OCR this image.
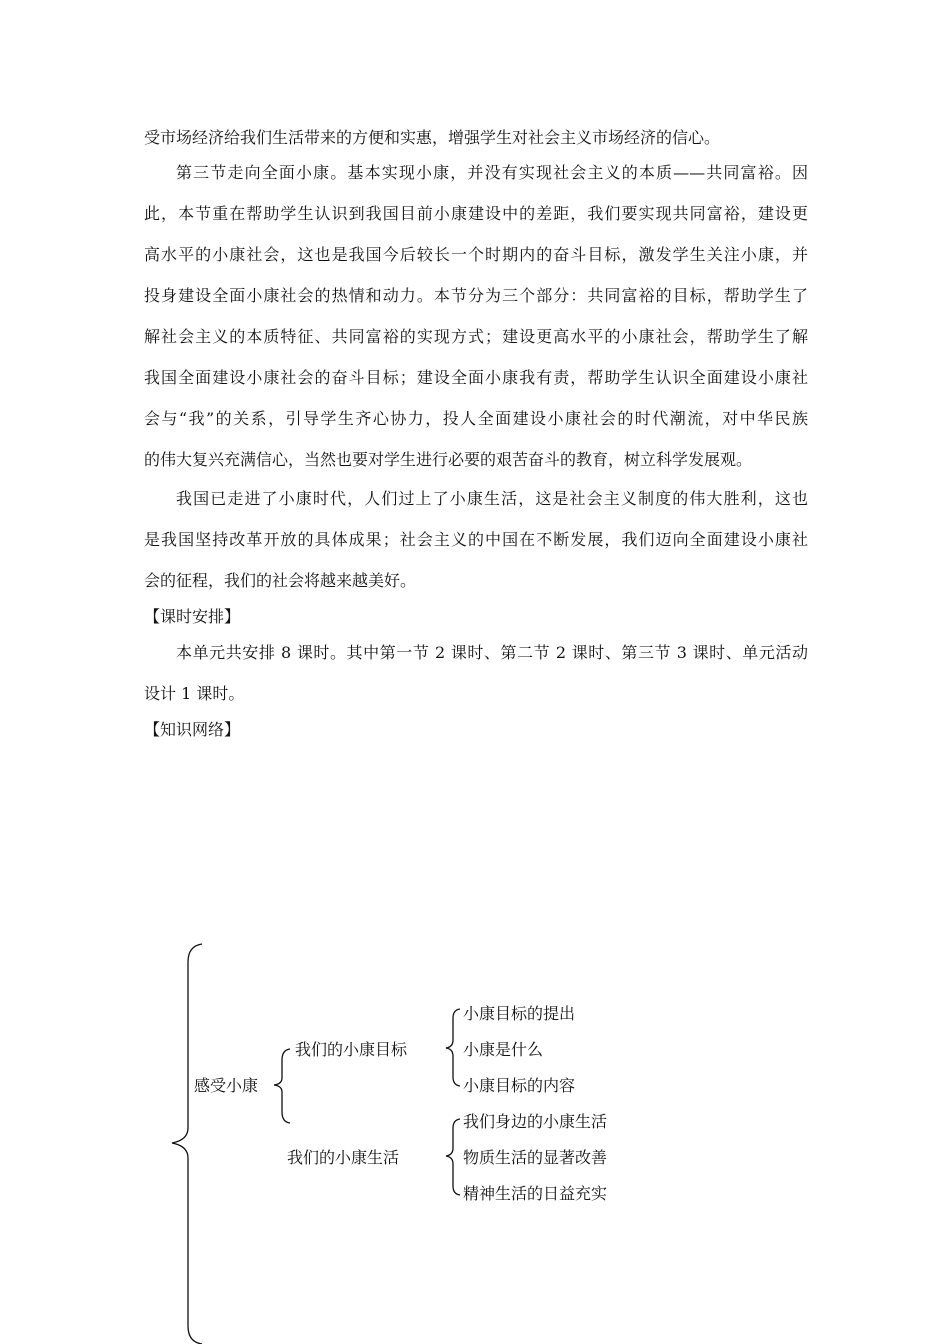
受市场经济给我们生活带来的方便和实惠，增强学生对社会主义市场经济的信心。
第三节走向全面小康。基本实现小康，并没有实现社会主义的本质——共同富裕。因
此，本节重在帮助学生认识到我国目前小康建设中的差距，我们要实现共同富裕，建设更
高水平的小康社会，这也是我国今后较长一个时期内的奋斗目标，激发学生关注小康，并
投身建设全面小康社会的热情和动力。本节分为三个部分：共同富裕的目标，帮助学生了
解社会主义的本质特征、共同富裕的实现方式；建设更高水平的小康社会，帮助学生了解
我国全面建设小康社会的奋斗目标；建设全面小康我有责，帮助学生认识全面建设小康社
会与“我”的关系，引导学生齐心协力，投人全面建设小康社会的时代潮流，对中华民族
的伟大复兴充满信心，当然也要对学生进行必要的艰苦奋斗的教育，树立科学发展观。
我国已走进了小康时代，人们过上了小康生活，这是社会主义制度的伟大胜利，这也
是我国坚持改革开放的具体成果；社会主义的中国在不断发展，我们迈向全面建设小康社
会的征程，我们的社会将越来越美好。
【课时安排】
本单元共安排 8 课时。其中第一节 2 课时、第二节 2 课时、第三节 3 课时、单元活动
设计 1 课时。
【知识网络】
感受小康
我们的小康目标
我们的小康生活
小康目标的提出
小康是什么
小康目标的内容
我们身边的小康生活
物质生活的显著改善
精神生活的日益充实
